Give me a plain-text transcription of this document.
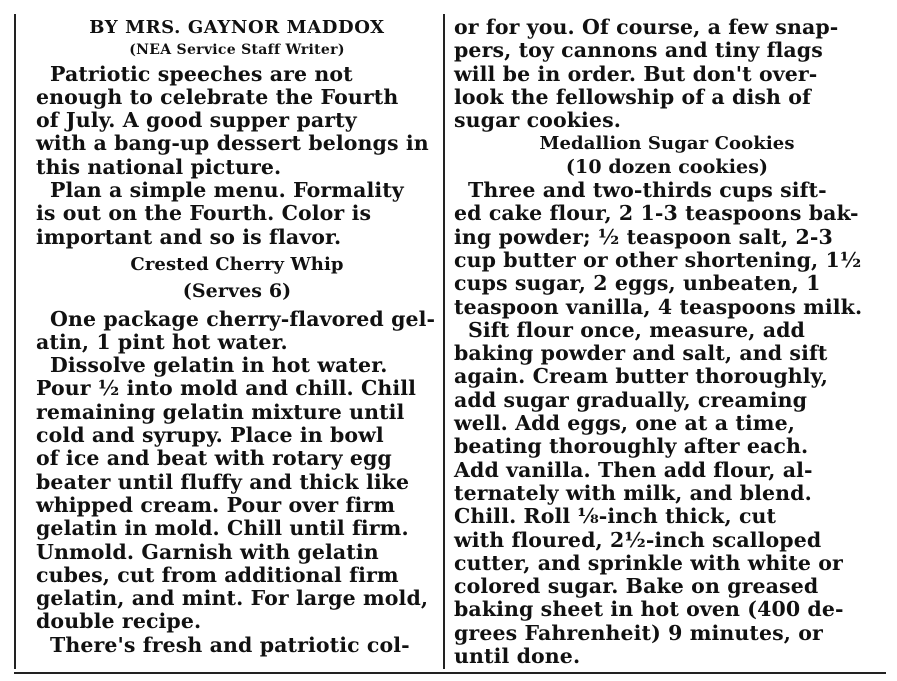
BY MRS. GAYNOR MADDOX
(NEA Service Staff Writer)
Patriotic speeches are not
enough to celebrate the Fourth
of July. A good supper party
with a bang-up dessert belongs in
this national picture.
Plan a simple menu. Formality
is out on the Fourth. Color is
important and so is flavor.
Crested Cherry Whip
(Serves 6)
One package cherry-flavored gel-
atin, 1 pint hot water.
Dissolve gelatin in hot water.
Pour ½ into mold and chill. Chill
remaining gelatin mixture until
cold and syrupy. Place in bowl
of ice and beat with rotary egg
beater until fluffy and thick like
whipped cream. Pour over firm
gelatin in mold. Chill until firm.
Unmold. Garnish with gelatin
cubes, cut from additional firm
gelatin, and mint. For large mold,
double recipe.
There's fresh and patriotic col-
or for you. Of course, a few snap-
pers, toy cannons and tiny flags
will be in order. But don't over-
look the fellowship of a dish of
sugar cookies.
Medallion Sugar Cookies
(10 dozen cookies)
Three and two-thirds cups sift-
ed cake flour, 2 1-3 teaspoons bak-
ing powder; ½ teaspoon salt, 2-3
cup butter or other shortening, 1½
cups sugar, 2 eggs, unbeaten, 1
teaspoon vanilla, 4 teaspoons milk.
Sift flour once, measure, add
baking powder and salt, and sift
again. Cream butter thoroughly,
add sugar gradually, creaming
well. Add eggs, one at a time,
beating thoroughly after each.
Add vanilla. Then add flour, al-
ternately with milk, and blend.
Chill. Roll ⅛-inch thick, cut
with floured, 2½-inch scalloped
cutter, and sprinkle with white or
colored sugar. Bake on greased
baking sheet in hot oven (400 de-
grees Fahrenheit) 9 minutes, or
until done.
